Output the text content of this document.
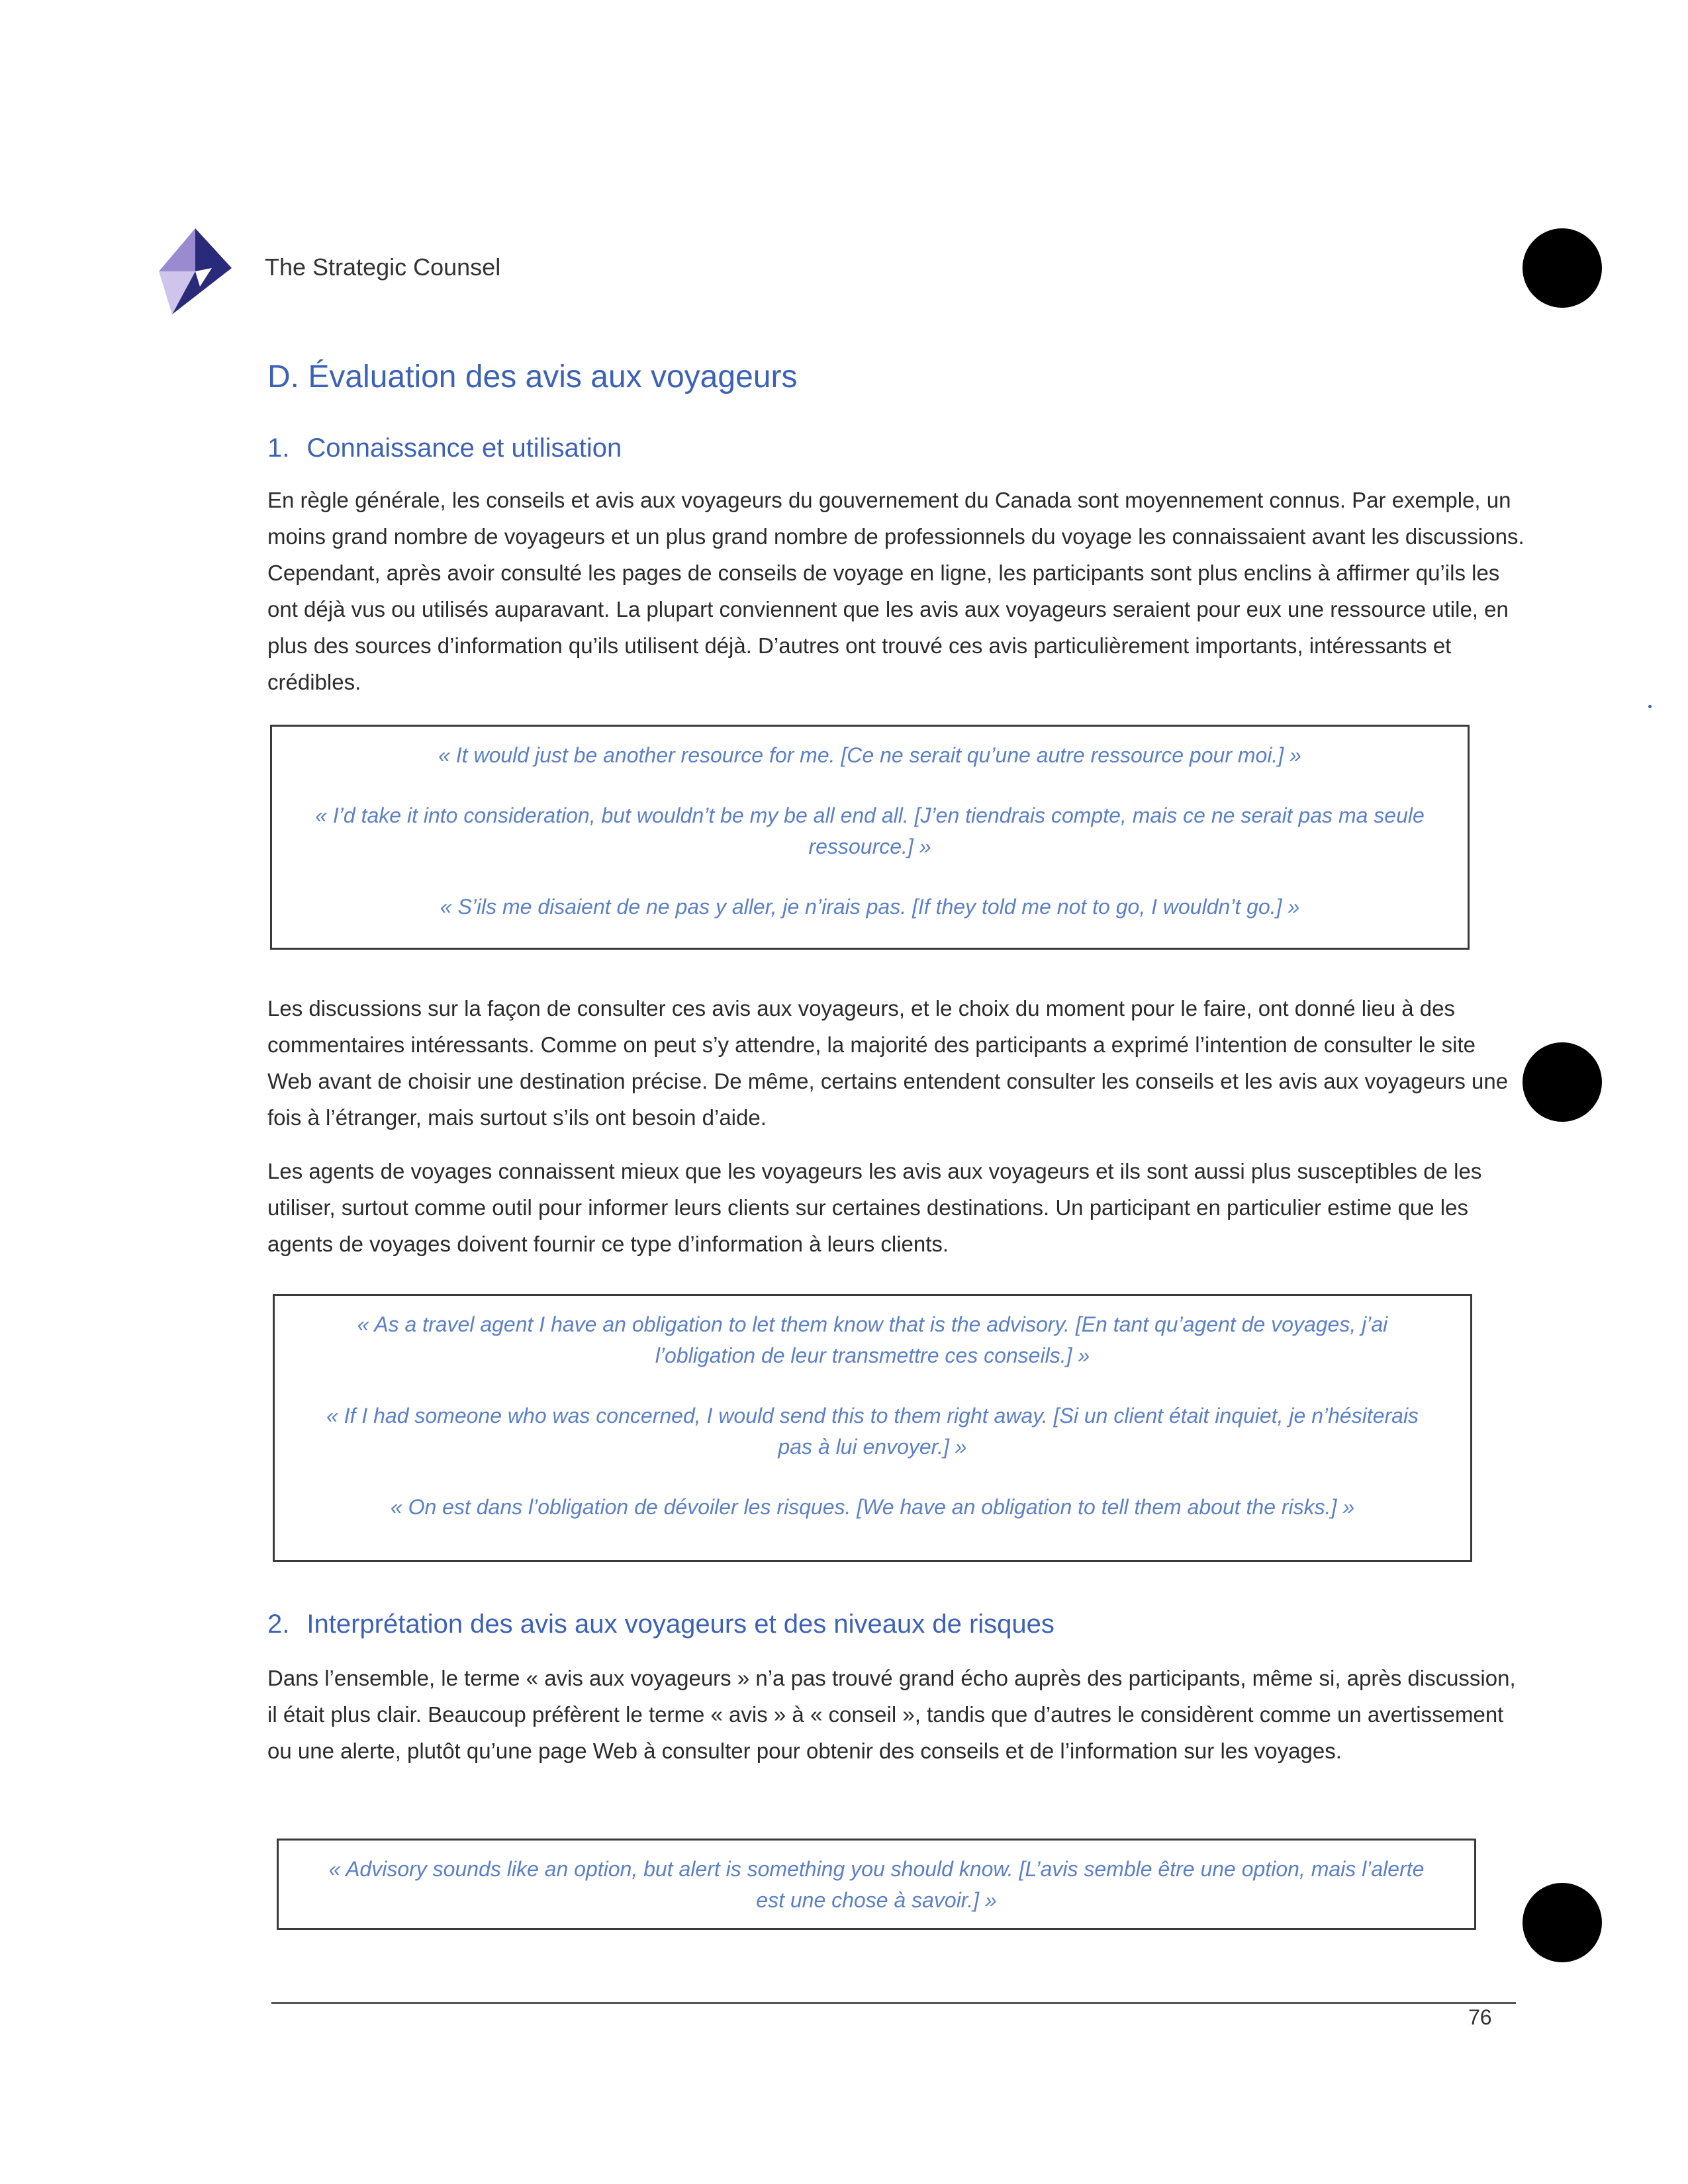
The Strategic Counsel
D. Évaluation des avis aux voyageurs
1. Connaissance et utilisation

En règle générale, les conseils et avis aux voyageurs du gouvernement du Canada sont moyennement connus. Par exemple, un moins grand nombre de voyageurs et un plus grand nombre de professionnels du voyage les connaissaient avant les discussions. Cependant, après avoir consulté les pages de conseils de voyage en ligne, les participants sont plus enclins à affirmer qu’ils les ont déjà vus ou utilisés auparavant. La plupart conviennent que les avis aux voyageurs seraient pour eux une ressource utile, en plus des sources d’information qu’ils utilisent déjà. D’autres ont trouvé ces avis particulièrement importants, intéressants et crédibles.

« It would just be another resource for me. [Ce ne serait qu’une autre ressource pour moi.] »

« I’d take it into consideration, but wouldn’t be my be all end all. [J’en tiendrais compte, mais ce ne serait pas ma seule ressource.] »

« S’ils me disaient de ne pas y aller, je n’irais pas. [If they told me not to go, I wouldn’t go.] »

Les discussions sur la façon de consulter ces avis aux voyageurs, et le choix du moment pour le faire, ont donné lieu à des commentaires intéressants. Comme on peut s’y attendre, la majorité des participants a exprimé l’intention de consulter le site Web avant de choisir une destination précise. De même, certains entendent consulter les conseils et les avis aux voyageurs une fois à l’étranger, mais surtout s’ils ont besoin d’aide.

Les agents de voyages connaissent mieux que les voyageurs les avis aux voyageurs et ils sont aussi plus susceptibles de les utiliser, surtout comme outil pour informer leurs clients sur certaines destinations. Un participant en particulier estime que les agents de voyages doivent fournir ce type d’information à leurs clients.

« As a travel agent I have an obligation to let them know that is the advisory. [En tant qu’agent de voyages, j’ai l’obligation de leur transmettre ces conseils.] »

« If I had someone who was concerned, I would send this to them right away. [Si un client était inquiet, je n’hésiterais pas à lui envoyer.] »

« On est dans l’obligation de dévoiler les risques. [We have an obligation to tell them about the risks.] »

2. Interprétation des avis aux voyageurs et des niveaux de risques

Dans l’ensemble, le terme « avis aux voyageurs » n’a pas trouvé grand écho auprès des participants, même si, après discussion, il était plus clair. Beaucoup préfèrent le terme « avis » à « conseil », tandis que d’autres le considèrent comme un avertissement ou une alerte, plutôt qu’une page Web à consulter pour obtenir des conseils et de l’information sur les voyages.

« Advisory sounds like an option, but alert is something you should know. [L’avis semble être une option, mais l’alerte est une chose à savoir.] »

76
